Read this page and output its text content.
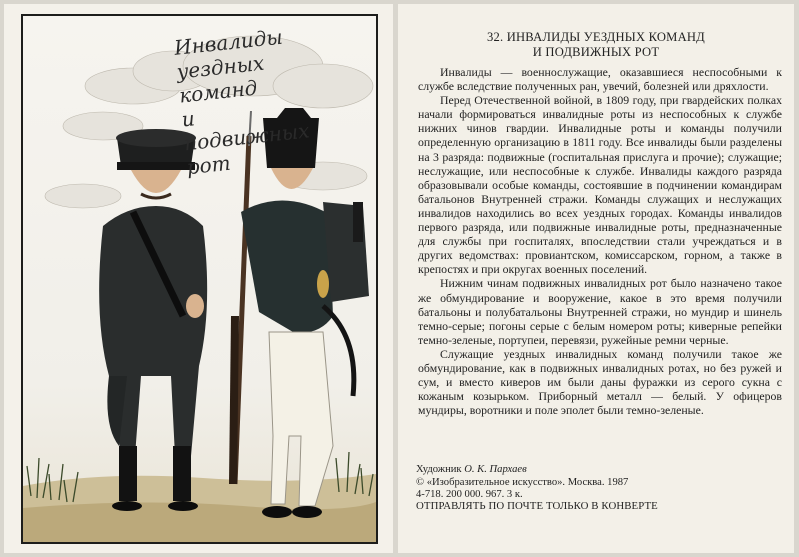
Инвалиды
уездных команд
и подвижных
рот
32. ИНВАЛИДЫ УЕЗДНЫХ КОМАНД
И ПОДВИЖНЫХ РОТ

Инвалиды — военнослужащие, оказавшиеся неспособными к службе вследствие полученных ран, увечий, болезней или дряхлости.

Перед Отечественной войной, в 1809 году, при гвардейских полках начали формироваться инвалидные роты из неспособных к службе нижних чинов гвардии. Инвалидные роты и команды получили определенную организацию в 1811 году. Все инвалиды были разделены на 3 разряда: подвижные (госпитальная прислуга и прочие); служащие; неслужащие, или неспособные к службе. Инвалиды каждого разряда образовывали особые команды, состоявшие в подчинении командирам батальонов Внутренней стражи. Команды служащих и неслужащих инвалидов находились во всех уездных городах. Команды инвалидов первого разряда, или подвижные инвалидные роты, предназначенные для службы при госпиталях, впоследствии стали учреждаться и в других ведомствах: провиантском, комиссарском, горном, а также в крепостях и при округах военных поселений.

Нижним чинам подвижных инвалидных рот было назначено такое же обмундирование и вооружение, какое в это время получили батальоны и полубатальоны Внутренней стражи, но мундир и шинель темно-серые; погоны серые с белым номером роты; киверные репейки темно-зеленые, портупеи, перевязи, ружейные ремни черные.

Служащие уездных инвалидных команд получили такое же обмундирование, как в подвижных инвалидных ротах, но без ружей и сум, и вместо киверов им были даны фуражки из серого сукна с кожаным козырьком. Приборный металл — белый. У офицеров мундиры, воротники и поле эполет были темно-зеленые.

Художник О. К. Пархаев
© «Изобразительное искусство». Москва. 1987
4-718. 200 000. 967. 3 к.
ОТПРАВЛЯТЬ ПО ПОЧТЕ ТОЛЬКО В КОНВЕРТЕ
